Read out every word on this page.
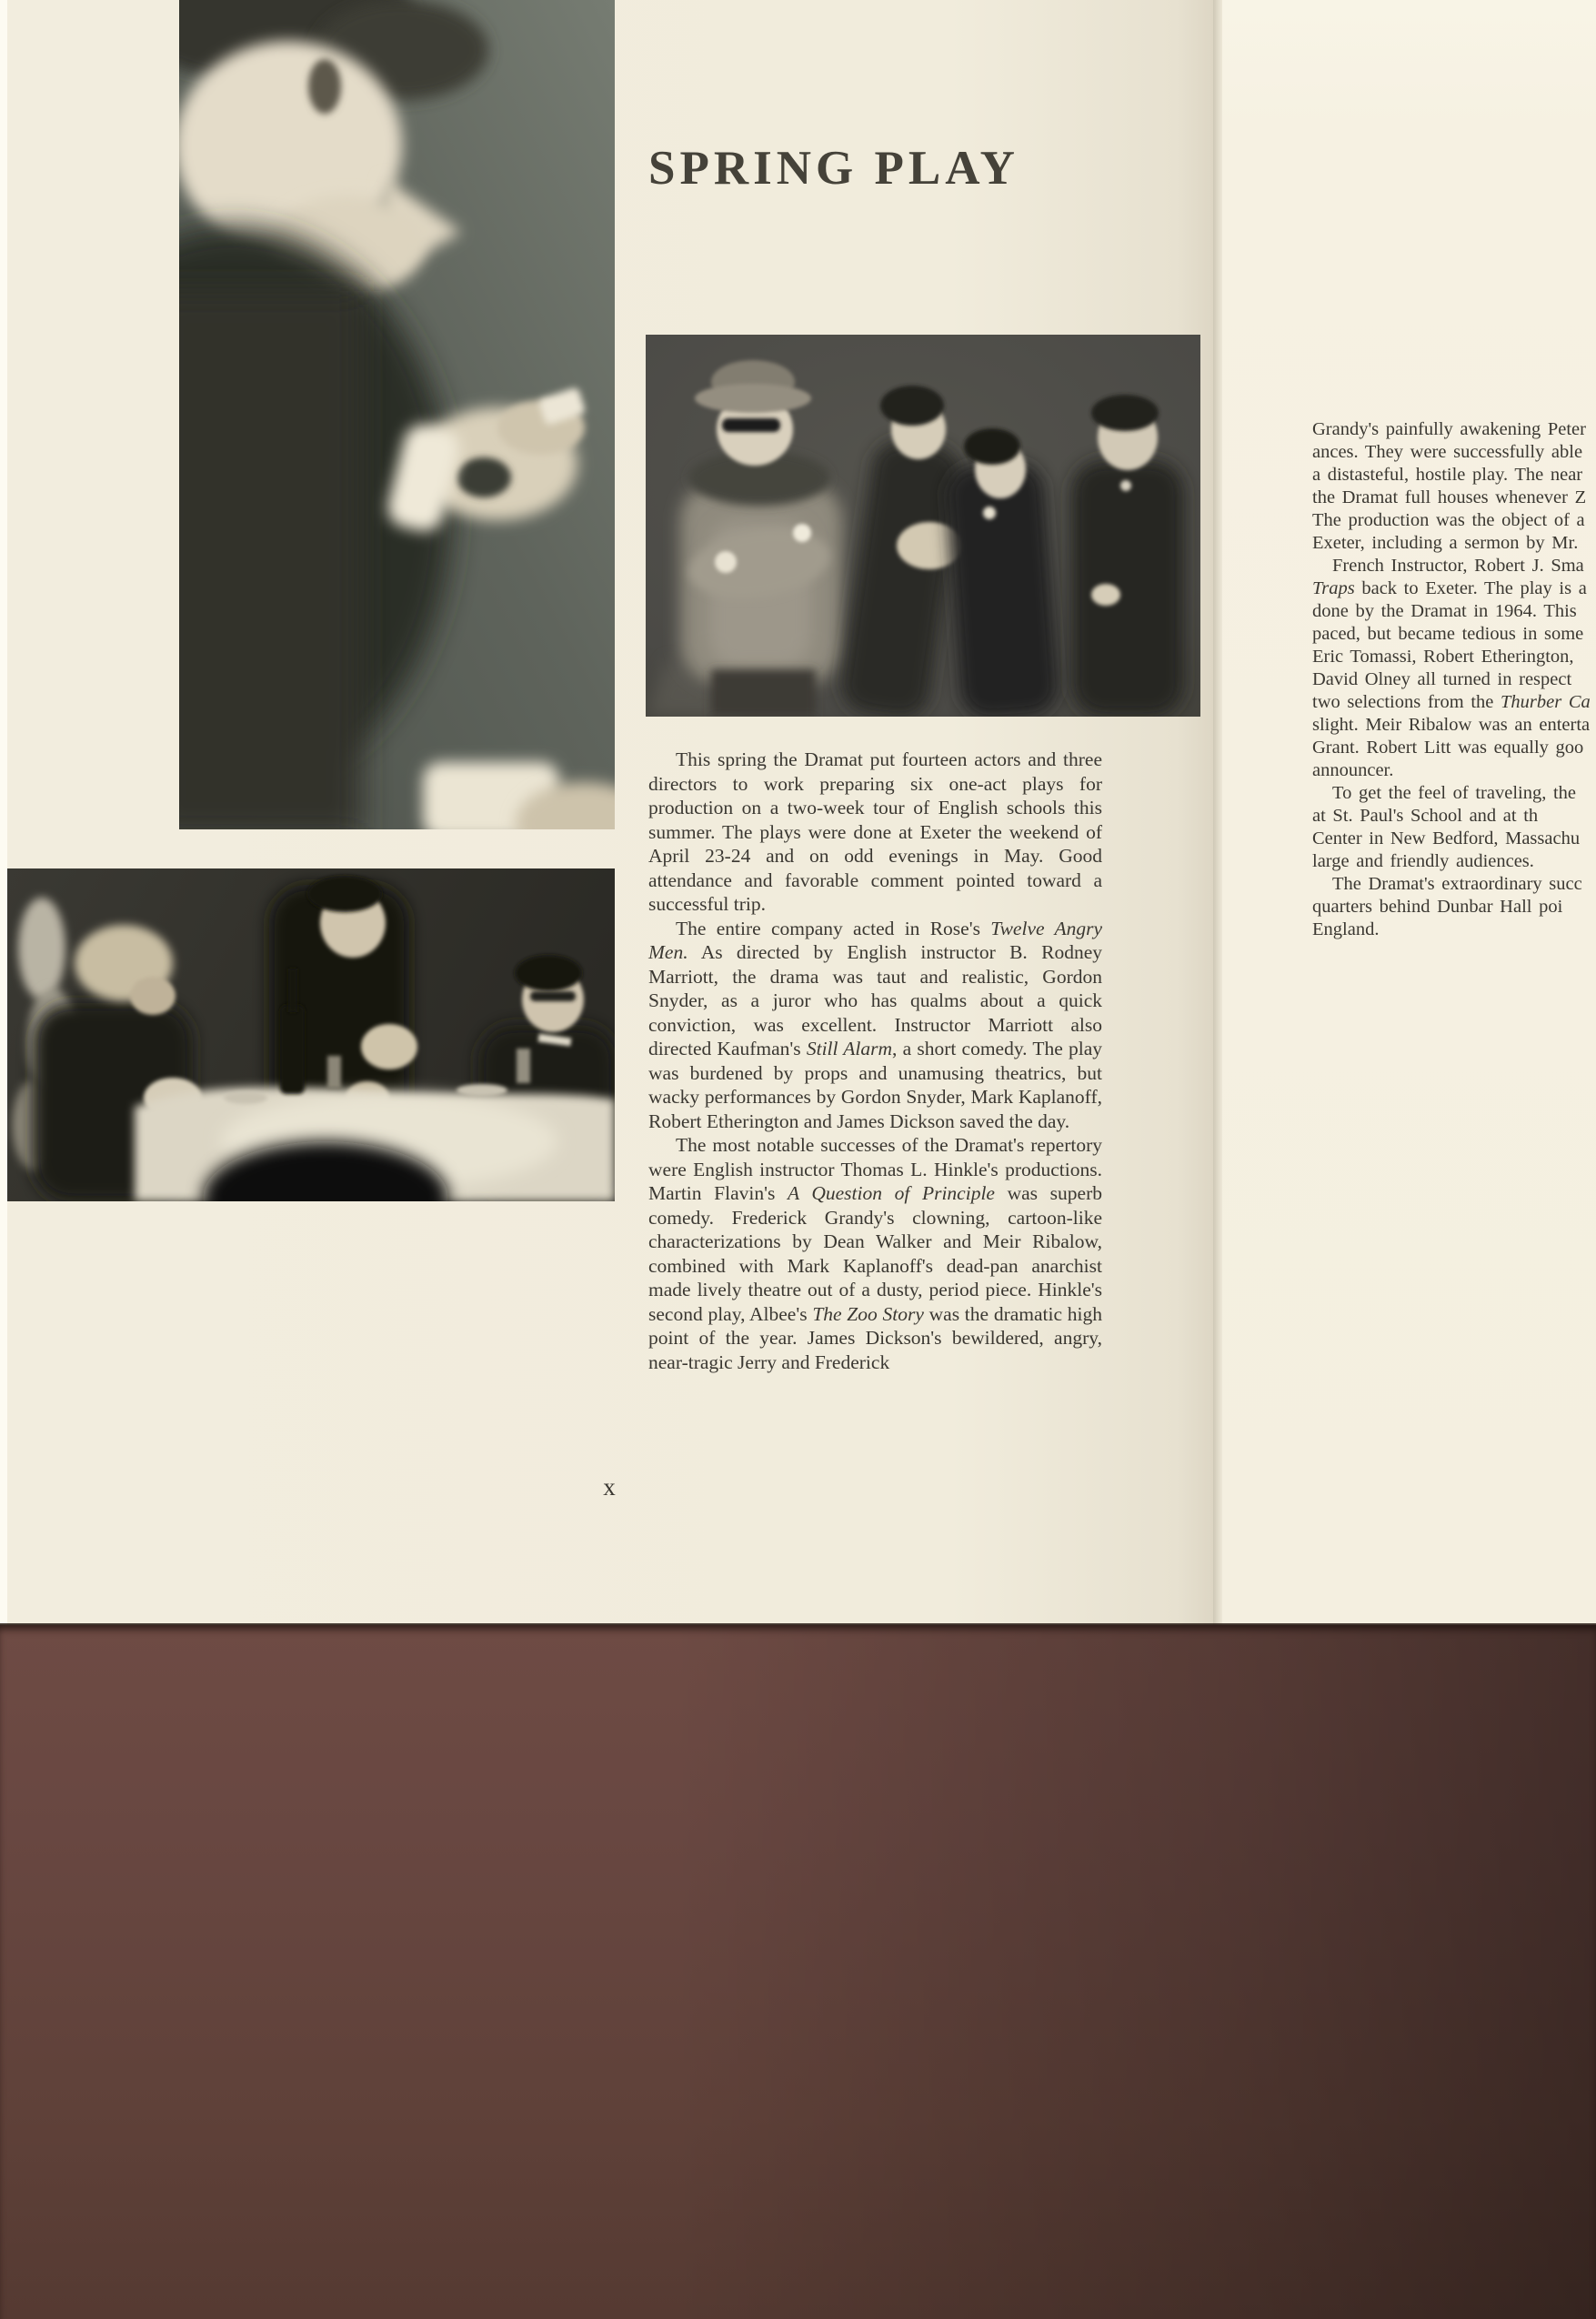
SPRING PLAY

This spring the Dramat put fourteen actors and three directors to work preparing six one-act plays for production on a two-week tour of English schools this summer. The plays were done at Exeter the weekend of April 23-24 and on odd evenings in May. Good attendance and favorable comment pointed toward a successful trip.

The entire company acted in Rose's Twelve Angry Men. As directed by English instructor B. Rodney Marriott, the drama was taut and realistic, Gordon Snyder, as a juror who has qualms about a quick conviction, was excellent. Instructor Marriott also directed Kaufman's Still Alarm, a short comedy. The play was burdened by props and unamusing theatrics, but wacky performances by Gordon Snyder, Mark Kaplanoff, Robert Etherington and James Dickson saved the day.

The most notable successes of the Dramat's repertory were English instructor Thomas L. Hinkle's productions. Martin Flavin's A Question of Principle was superb comedy. Frederick Grandy's clowning, cartoon-like characterizations by Dean Walker and Meir Ribalow, combined with Mark Kaplanoff's dead-pan anarchist made lively theatre out of a dusty, period piece. Hinkle's second play, Albee's The Zoo Story was the dramatic high point of the year. James Dickson's bewildered, angry, near-tragic Jerry and Frederick

x
Grandy's painfully awakening Peter
ances. They were successfully able
a distasteful, hostile play. The near
the Dramat full houses whenever Z
The production was the object of a
Exeter, including a sermon by Mr.
French Instructor, Robert J. Sma
Traps back to Exeter. The play is a
done by the Dramat in 1964. This
paced, but became tedious in some
Eric Tomassi, Robert Etherington,
David Olney all turned in respect
two selections from the Thurber Ca
slight. Meir Ribalow was an enterta
Grant. Robert Litt was equally goo
announcer.
To get the feel of traveling, the
at St. Paul's School and at th
Center in New Bedford, Massachu
large and friendly audiences.
The Dramat's extraordinary succ
quarters behind Dunbar Hall poi
England.
